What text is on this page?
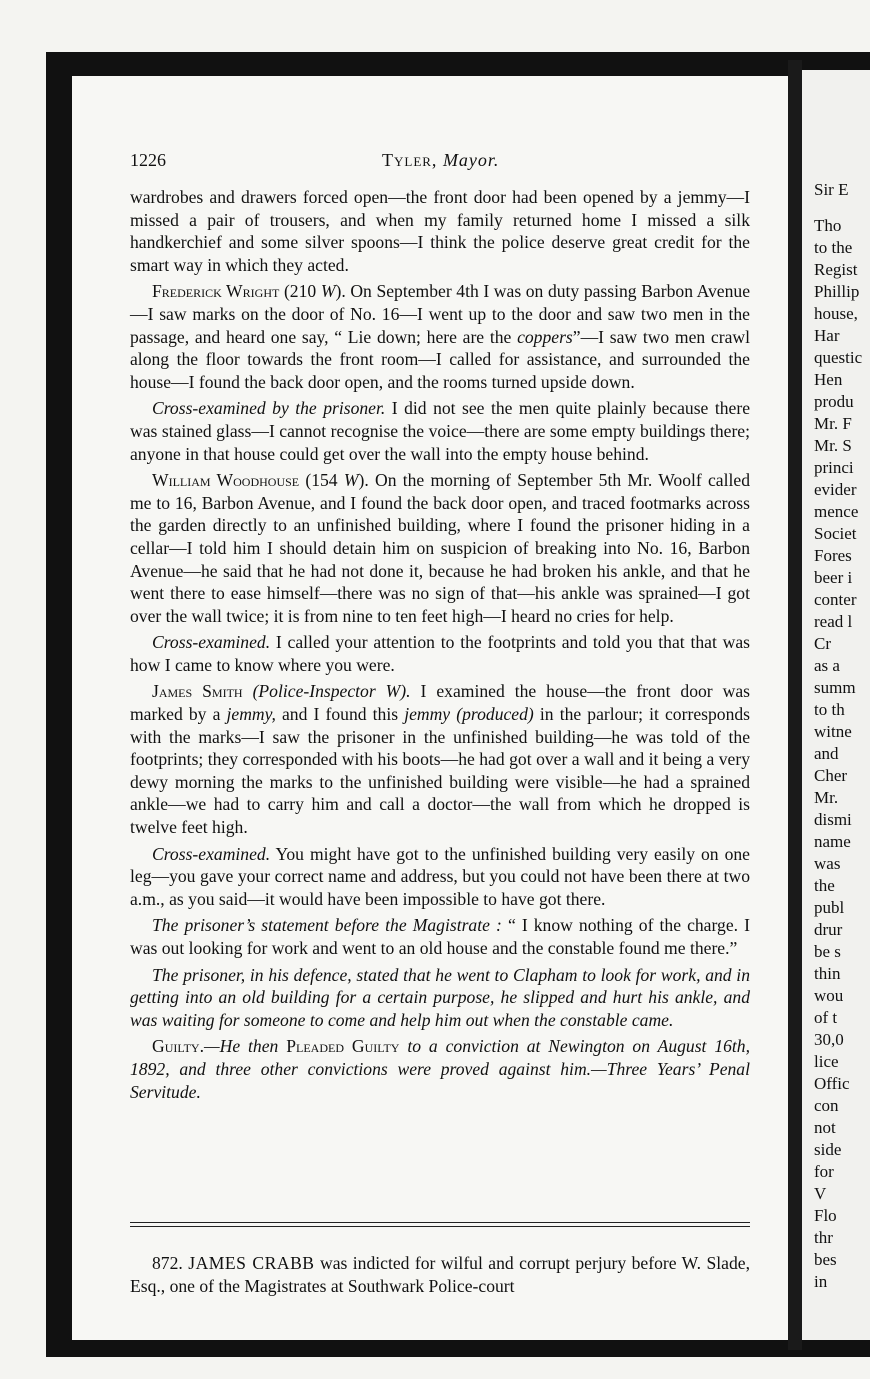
1226	Tyler, Mayor.

wardrobes and drawers forced open—the front door had been opened by a jemmy—I missed a pair of trousers, and when my family returned home I missed a silk handkerchief and some silver spoons—I think the police deserve great credit for the smart way in which they acted.

Frederick Wright (210 W). On September 4th I was on duty passing Barbon Avenue—I saw marks on the door of No. 16—I went up to the door and saw two men in the passage, and heard one say, “ Lie down; here are the coppers”—I saw two men crawl along the floor towards the front room—I called for assistance, and surrounded the house—I found the back door open, and the rooms turned upside down.

Cross-examined by the prisoner. I did not see the men quite plainly because there was stained glass—I cannot recognise the voice—there are some empty buildings there; anyone in that house could get over the wall into the empty house behind.

William Woodhouse (154 W). On the morning of September 5th Mr. Woolf called me to 16, Barbon Avenue, and I found the back door open, and traced footmarks across the garden directly to an unfinished building, where I found the prisoner hiding in a cellar—I told him I should detain him on suspicion of breaking into No. 16, Barbon Avenue—he said that he had not done it, because he had broken his ankle, and that he went there to ease himself—there was no sign of that—his ankle was sprained—I got over the wall twice; it is from nine to ten feet high—I heard no cries for help.

Cross-examined. I called your attention to the footprints and told you that that was how I came to know where you were.

James Smith (Police-Inspector W). I examined the house—the front door was marked by a jemmy, and I found this jemmy (produced) in the parlour; it corresponds with the marks—I saw the prisoner in the unfinished building—he was told of the footprints; they corresponded with his boots—he had got over a wall and it being a very dewy morning the marks to the unfinished building were visible—he had a sprained ankle—we had to carry him and call a doctor—the wall from which he dropped is twelve feet high.

Cross-examined. You might have got to the unfinished building very easily on one leg—you gave your correct name and address, but you could not have been there at two a.m., as you said—it would have been impossible to have got there.

The prisoner’s statement before the Magistrate : “ I know nothing of the charge. I was out looking for work and went to an old house and the constable found me there.”

The prisoner, in his defence, stated that he went to Clapham to look for work, and in getting into an old building for a certain purpose, he slipped and hurt his ankle, and was waiting for someone to come and help him out when the constable came.

Guilty.—He then Pleaded Guilty to a conviction at Newington on August 16th, 1892, and three other convictions were proved against him.—Three Years’ Penal Servitude.

872. JAMES CRABB was indicted for wilful and corrupt perjury before W. Slade, Esq., one of the Magistrates at Southwark Police-court
Sir E
Tho
to the
Regist
Phillip
house,
Har
questic
Hen
produ
Mr. F
Mr. S
princi
evider
mence
Societ
Fores
beer i
conter
read l
Cr
as a
summ
to th
witne
and
Cher
Mr.
dismi
name
was
the
publ
drur
be s
thin
wou
of t
30,0
lice
Offic
con
not
side
for
V
Flo
thr
bes
in
